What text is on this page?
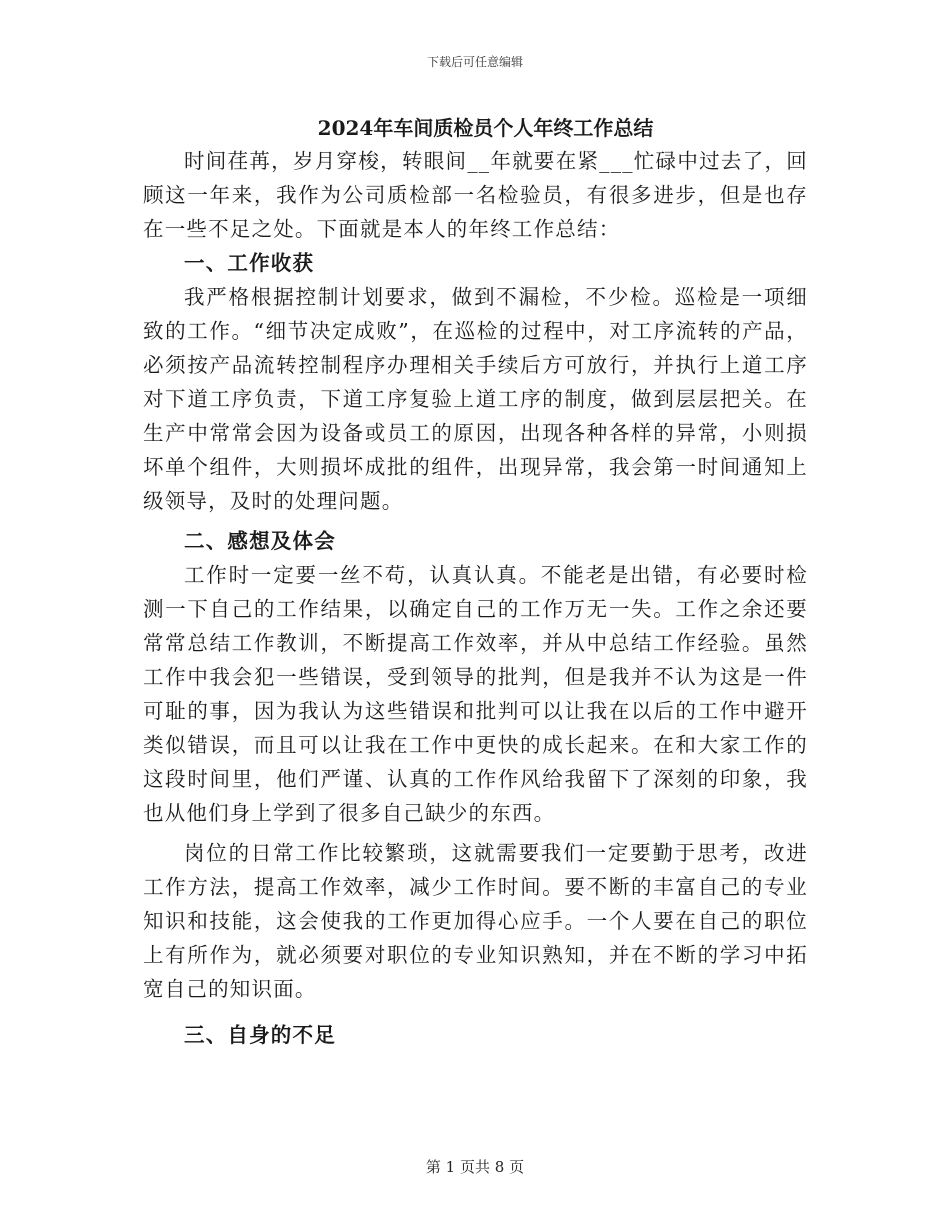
下载后可任意编辑
2024年车间质检员个人年终工作总结

时间荏苒，岁月穿梭，转眼间__年就要在紧___忙碌中过去了，回顾这一年来，我作为公司质检部一名检验员，有很多进步，但是也存在一些不足之处。下面就是本人的年终工作总结：

一、工作收获

我严格根据控制计划要求，做到不漏检，不少检。巡检是一项细致的工作。“细节决定成败”，在巡检的过程中，对工序流转的产品，必须按产品流转控制程序办理相关手续后方可放行，并执行上道工序对下道工序负责，下道工序复验上道工序的制度，做到层层把关。在生产中常常会因为设备或员工的原因，出现各种各样的异常，小则损坏单个组件，大则损坏成批的组件，出现异常，我会第一时间通知上级领导，及时的处理问题。

二、感想及体会

工作时一定要一丝不苟，认真认真。不能老是出错，有必要时检测一下自己的工作结果，以确定自己的工作万无一失。工作之余还要常常总结工作教训，不断提高工作效率，并从中总结工作经验。虽然工作中我会犯一些错误，受到领导的批判，但是我并不认为这是一件可耻的事，因为我认为这些错误和批判可以让我在以后的工作中避开类似错误，而且可以让我在工作中更快的成长起来。在和大家工作的这段时间里，他们严谨、认真的工作作风给我留下了深刻的印象，我也从他们身上学到了很多自己缺少的东西。

岗位的日常工作比较繁琐，这就需要我们一定要勤于思考，改进工作方法，提高工作效率，减少工作时间。要不断的丰富自己的专业知识和技能，这会使我的工作更加得心应手。一个人要在自己的职位上有所作为，就必须要对职位的专业知识熟知，并在不断的学习中拓宽自己的知识面。

三、自身的不足

第 1 页共 8 页
